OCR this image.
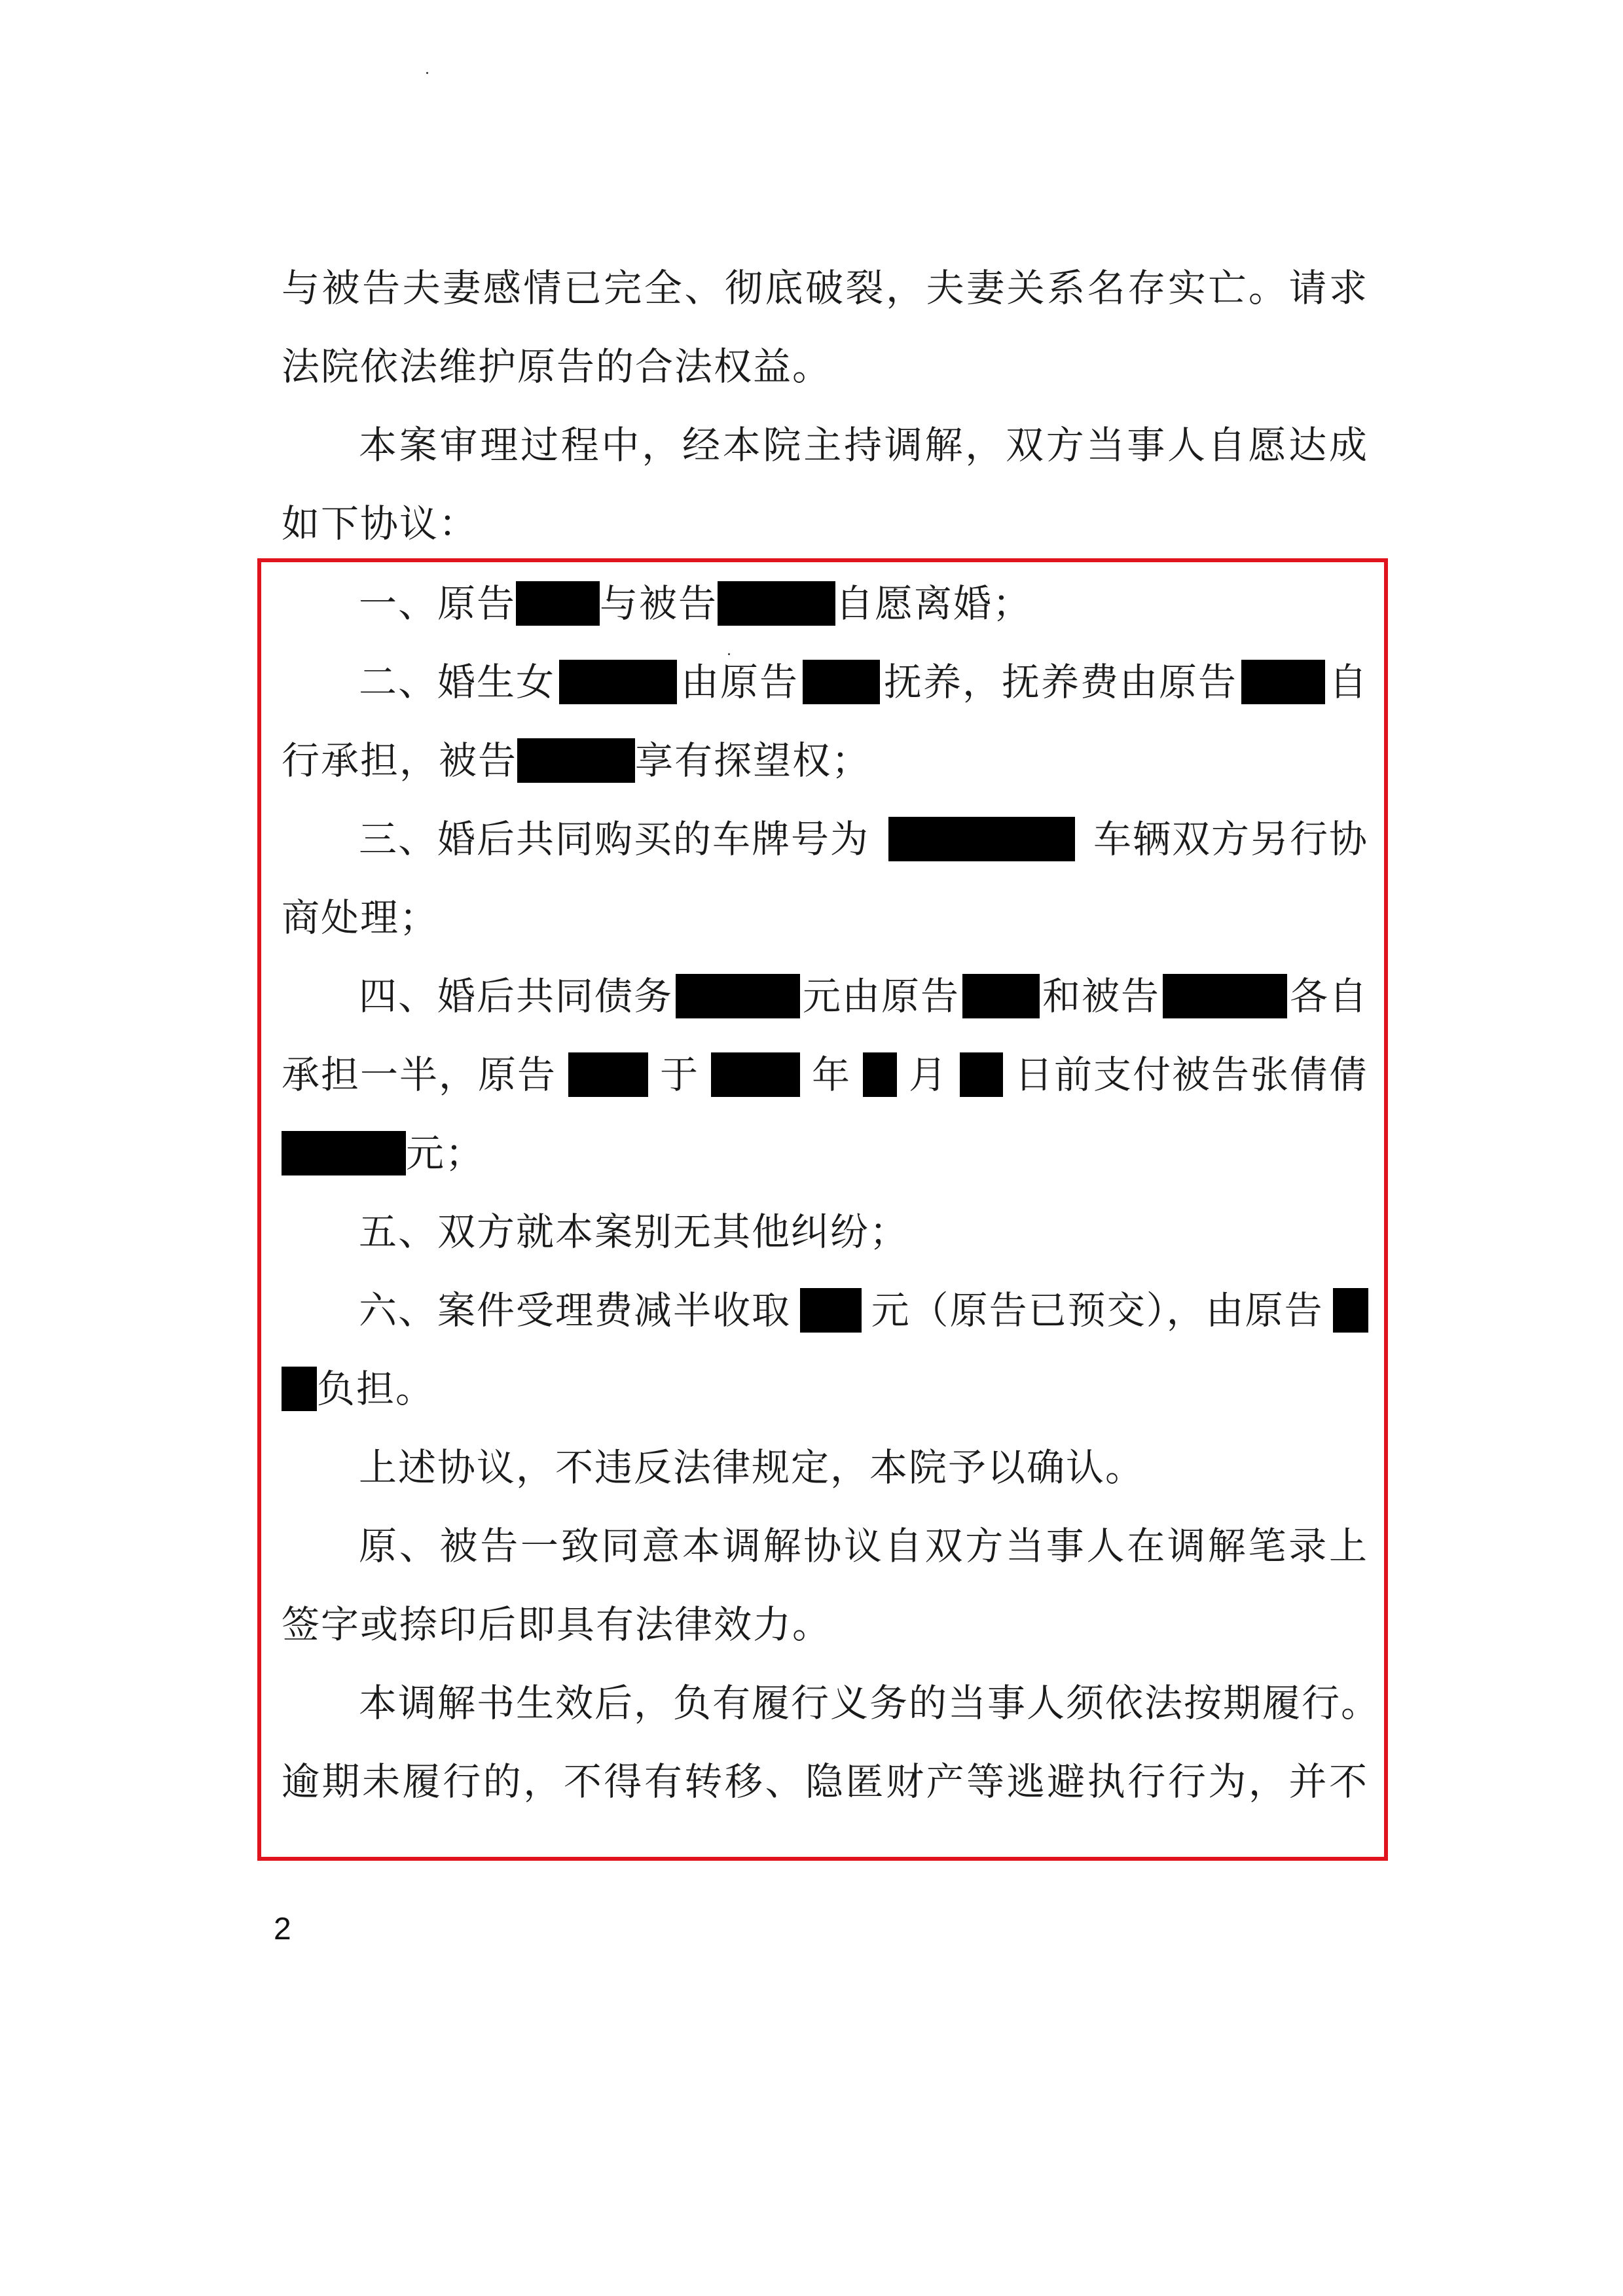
与被告夫妻感情已完全、彻底破裂，夫妻关系名存实亡。请求
法院依法维护原告的合法权益。
本案审理过程中，经本院主持调解，双方当事人自愿达成
如下协议：
一、原告 与被告	自愿离婚；
二、婚生女	由原告 抚养，抚养费由原告 自
行承担，被告	享有探望权；
三、婚后共同购买的车牌号为	车辆双方另行协
商处理；
四、婚后共同债务	元由原告 和被告	各自
承担一半，原告	于	年 月 日前支付被告张倩倩
元；
五、双方就本案别无其他纠纷；
六、案件受理费减半收取 元（原告已预交），由原告
负担。
上述协议，不违反法律规定，本院予以确认。
原、被告一致同意本调解协议自双方当事人在调解笔录上
签字或捺印后即具有法律效力。
本调解书生效后，负有履行义务的当事人须依法按期履行。
逾期未履行的，不得有转移、隐匿财产等逃避执行行为，并不
2
